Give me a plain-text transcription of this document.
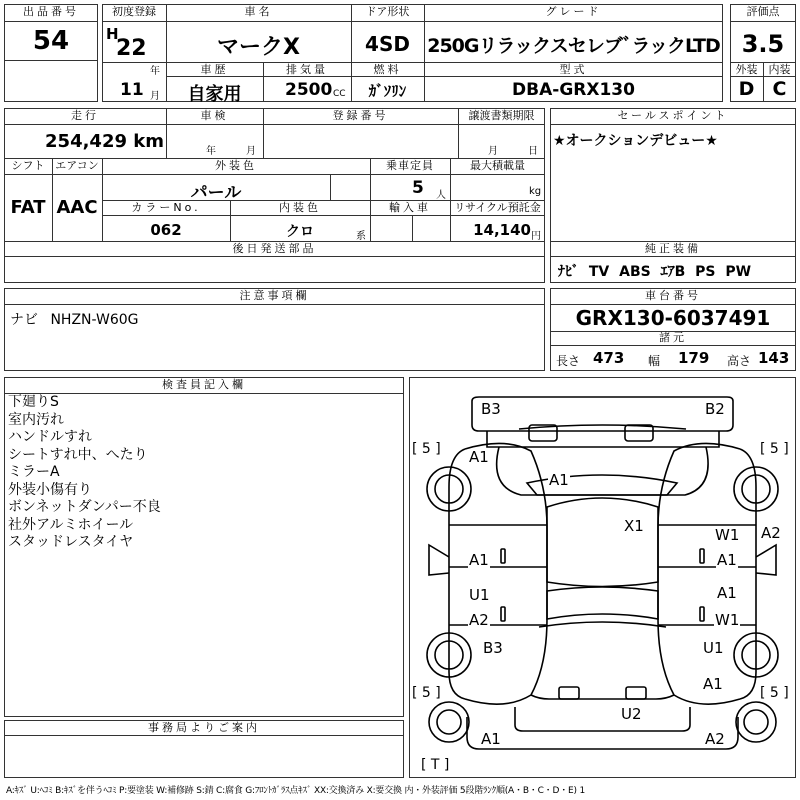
出品番号
54
初度登録
H
22
年
11 月
車名
マークX
ドア形状
4SD
グレード
250GリラックスセレブﾞラックLTD
車歴
自家用
排気量
2500 CC
燃料
ｶﾞｿﾘﾝ
型式
DBA-GRX130
評価点
3.5
外装	内装
D C
走行
254,429 km
車検
年	月
登録番号	譲渡書類期限
月	日
シフト エアコン
FAT AAC
外装色
パール
乗車定員
5 人
最大積載量
kg
カラーNo.
062
内装色
クロ	系
輸入車	リサイクル預託金
14,140 円
後日発送部品
セールスポイント
★オークションデビュー★
純正装備
ﾅﾋﾞ TV ABS ｴｱB PS PW
注意事項欄
ナビ NHZN-W60G
車台番号
GRX130-6037491
諸元
長さ 473 幅 179 高さ 143
検査員記入欄
下廻りS
室内汚れ
ハンドルすれ
シートすれ中、へたり
ミラーA
外装小傷有り
ボンネットダンパー不良
社外アルミホイール
スタッドレスタイヤ
事務局よりご案内
[ 5 ]	[ 5 ]
[ 5 ]	[ 5 ]
[ T ]
B3	B2
A1
A1
X1	W1 A2
A1	A1
A1
U1
A2	W1
B3	U1
A1
U2
A1	A2
A:ｷｽﾞ U:ﾍｺﾐ B:ｷｽﾞを伴うﾍｺﾐ P:要塗装 W:補修跡 S:錆 C:腐食 G:ﾌﾛﾝﾄｶﾞﾗｽ点ｷｽﾞ XX:交換済み X:要交換 内・外装評価 5段階ﾗﾝｸ順(A・B・C・D・E) 1
